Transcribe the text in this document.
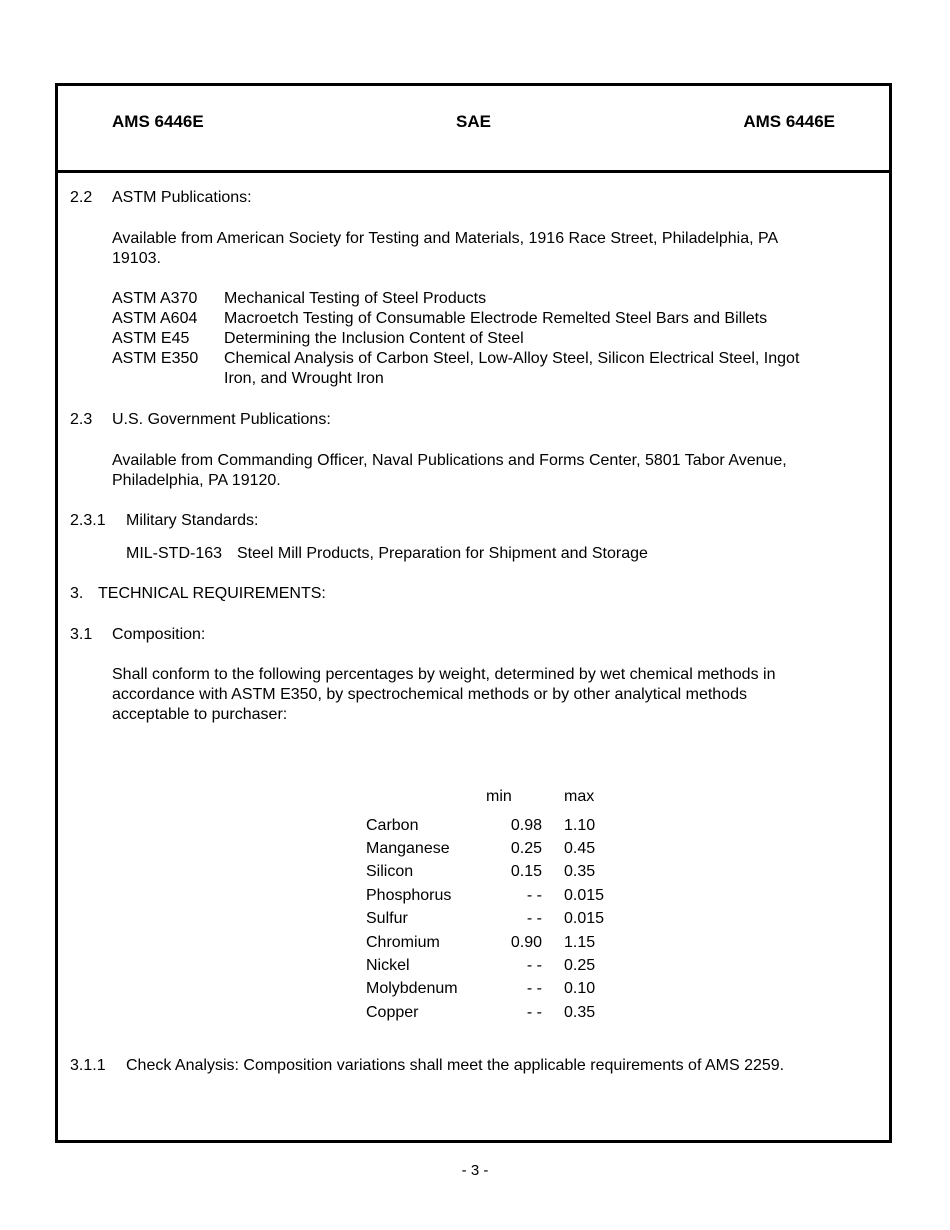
AMS 6446E	SAE	AMS 6446E
2.2 ASTM Publications:
Available from American Society for Testing and Materials, 1916 Race Street, Philadelphia, PA
19103.
ASTM A370 Mechanical Testing of Steel Products
ASTM A604 Macroetch Testing of Consumable Electrode Remelted Steel Bars and Billets
ASTM E45 Determining the Inclusion Content of Steel
ASTM E350 Chemical Analysis of Carbon Steel, Low-Alloy Steel, Silicon Electrical Steel, Ingot
Iron, and Wrought Iron
2.3 U.S. Government Publications:
Available from Commanding Officer, Naval Publications and Forms Center, 5801 Tabor Avenue,
Philadelphia, PA 19120.
2.3.1 Military Standards:
MIL-STD-163 Steel Mill Products, Preparation for Shipment and Storage
3. TECHNICAL REQUIREMENTS:
3.1 Composition:
Shall conform to the following percentages by weight, determined by wet chemical methods in
accordance with ASTM E350, by spectrochemical methods or by other analytical methods
acceptable to purchaser:
	min	max
Carbon	0.98	1.10
Manganese	0.25	0.45
Silicon	0.15	0.35
Phosphorus	- -	0.015
Sulfur	- -	0.015
Chromium	0.90	1.15
Nickel	- -	0.25
Molybdenum	- -	0.10
Copper	- -	0.35
3.1.1 Check Analysis: Composition variations shall meet the applicable requirements of AMS 2259.
- 3 -
